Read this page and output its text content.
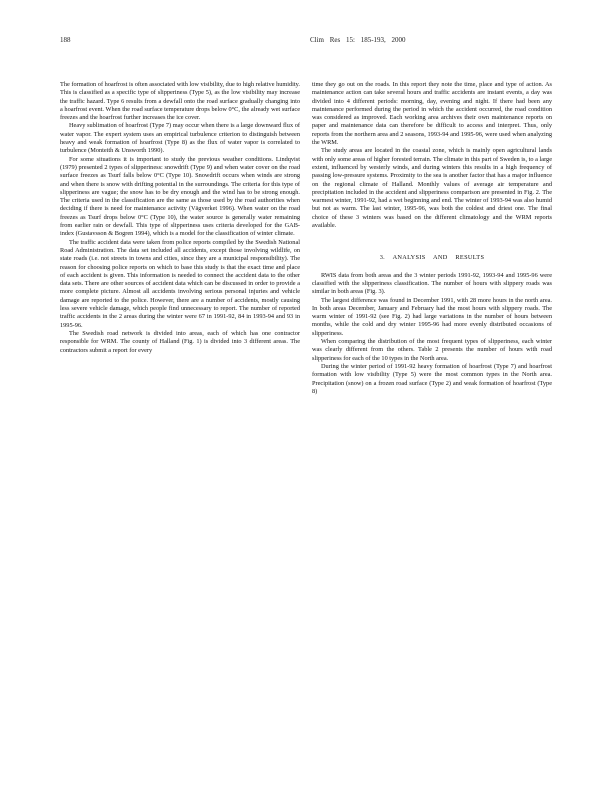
188	Clim Res 15: 185-193, 2000

The formation of hoarfrost is often associated with low visibility, due to high relative humidity. This is classified as a specific type of slipperiness (Type 5), as the low visibility may increase the traffic hazard. Type 6 results from a dewfall onto the road surface gradually changing into a hoarfrost event. When the road surface temperature drops below 0°C, the already wet surface freezes and the hoarfrost further increases the ice cover.

Heavy sublimation of hoarfrost (Type 7) may occur when there is a large downward flux of water vapor. The expert system uses an empirical turbulence criterion to distinguish between heavy and weak formation of hoarfrost (Type 8) as the flux of water vapor is correlated to turbulence (Monteith & Unsworth 1990).

For some situations it is important to study the previous weather conditions. Lindqvist (1979) presented 2 types of slipperiness: snowdrift (Type 9) and when water cover on the road surface freezes as Tsurf falls below 0°C (Type 10). Snowdrift occurs when winds are strong and when there is snow with drifting potential in the surroundings. The criteria for this type of slipperiness are vague; the snow has to be dry enough and the wind has to be strong enough. The criteria used in the classification are the same as those used by the road authorities when deciding if there is need for maintenance activity (Vägverket 1996). When water on the road freezes as Tsurf drops below 0°C (Type 10), the water source is generally water remaining from earlier rain or dewfall. This type of slipperiness uses criteria developed for the GAB-index (Gustavsson & Bogren 1994), which is a model for the classification of winter climate.

The traffic accident data were taken from police reports compiled by the Swedish National Road Administration. The data set included all accidents, except those involving wildlife, on state roads (i.e. not streets in towns and cities, since they are a municipal responsibility). The reason for choosing police reports on which to base this study is that the exact time and place of each accident is given. This information is needed to connect the accident data to the other data sets. There are other sources of accident data which can be discussed in order to provide a more complete picture. Almost all accidents involving serious personal injuries and vehicle damage are reported to the police. However, there are a number of accidents, mostly causing less severe vehicle damage, which people find unnecessary to report. The number of reported traffic accidents in the 2 areas during the winter were 67 in 1991-92, 84 in 1993-94 and 93 in 1995-96.

The Swedish road network is divided into areas, each of which has one contractor responsible for WRM. The county of Halland (Fig. 1) is divided into 3 different areas. The contractors submit a report for every

time they go out on the roads. In this report they note the time, place and type of action. As maintenance action can take several hours and traffic accidents are instant events, a day was divided into 4 different periods: morning, day, evening and night. If there had been any maintenance performed during the period in which the accident occurred, the road condition was considered as improved. Each working area archives their own maintenance reports on paper and maintenance data can therefore be difficult to access and interpret. Thus, only reports from the northern area and 2 seasons, 1993-94 and 1995-96, were used when analyzing the WRM.

The study areas are located in the coastal zone, which is mainly open agricultural lands with only some areas of higher forested terrain. The climate in this part of Sweden is, to a large extent, influenced by westerly winds, and during winters this results in a high frequency of passing low-pressure systems. Proximity to the sea is another factor that has a major influence on the regional climate of Halland. Monthly values of average air temperature and precipitation included in the accident and slipperiness comparison are presented in Fig. 2. The warmest winter, 1991-92, had a wet beginning and end. The winter of 1993-94 was also humid but not as warm. The last winter, 1995-96, was both the coldest and driest one. The final choice of these 3 winters was based on the different climatology and the WRM reports available.

3. ANALYSIS AND RESULTS

RWIS data from both areas and the 3 winter periods 1991-92, 1993-94 and 1995-96 were classified with the slipperiness classification. The number of hours with slippery roads was similar in both areas (Fig. 3).

The largest difference was found in December 1991, with 28 more hours in the north area. In both areas December, January and February had the most hours with slippery roads. The warm winter of 1991-92 (see Fig. 2) had large variations in the number of hours between months, while the cold and dry winter 1995-96 had more evenly distributed occasions of slipperiness.

When comparing the distribution of the most frequent types of slipperiness, each winter was clearly different from the others. Table 2 presents the number of hours with road slipperiness for each of the 10 types in the North area.

During the winter period of 1991-92 heavy formation of hoarfrost (Type 7) and hoarfrost formation with low visibility (Type 5) were the most common types in the North area. Precipitation (snow) on a frozen road surface (Type 2) and weak formation of hoarfrost (Type 8)
